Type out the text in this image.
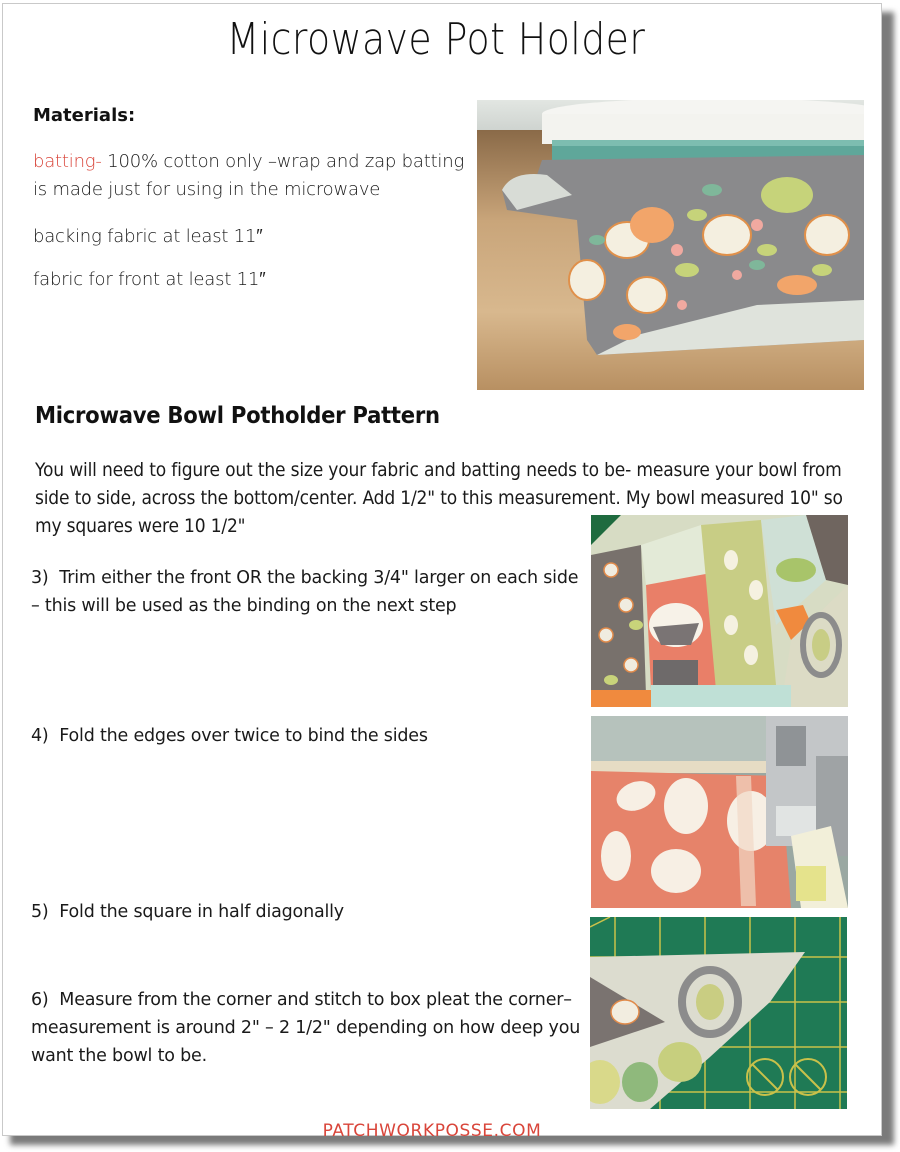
Microwave Pot Holder
Materials:
batting- 100% cotton only –wrap and zap batting is made just for using in the microwave
backing fabric at least 11″
fabric for front at least 11″
Microwave Bowl Potholder Pattern
You will need to figure out the size your fabric and batting needs to be- measure your bowl from side to side, across the bottom/center. Add 1/2" to this measurement. My bowl measured 10" so my squares were 10 1/2"
3) Trim either the front OR the backing 3/4" larger on each side – this will be used as the binding on the next step
4) Fold the edges over twice to bind the sides
5) Fold the square in half diagonally
6) Measure from the corner and stitch to box pleat the corner– measurement is around 2" – 2 1/2" depending on how deep you want the bowl to be.
PATCHWORKPOSSE.COM
